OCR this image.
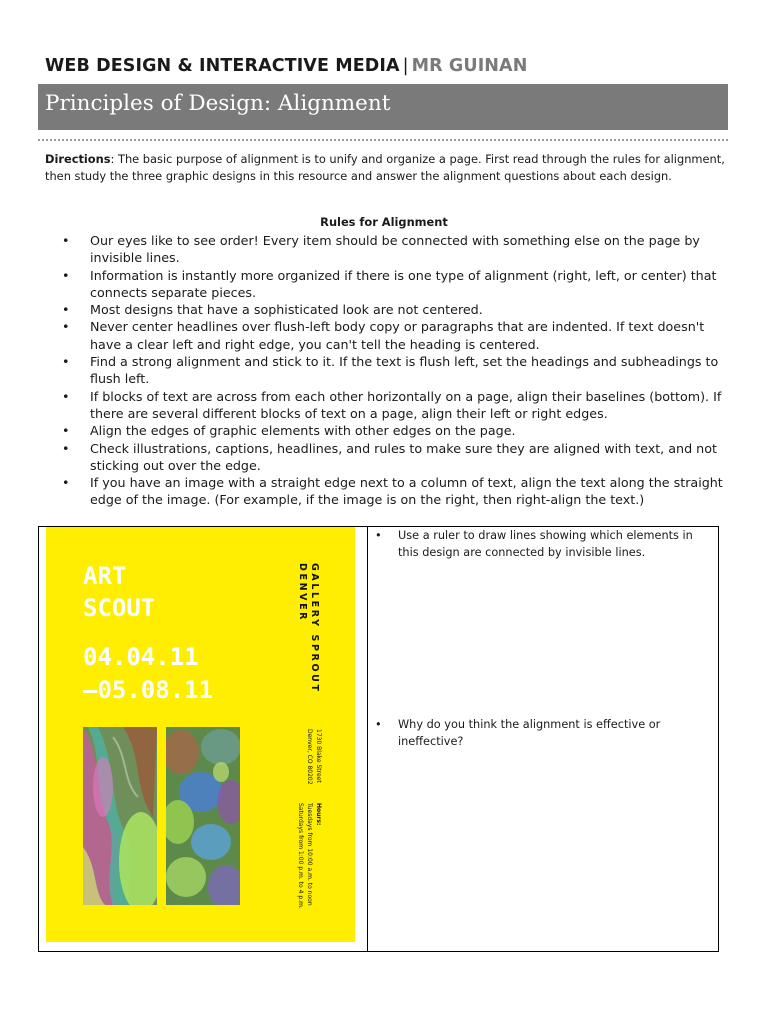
WEB DESIGN & INTERACTIVE MEDIA | MR GUINAN
Principles of Design: Alignment
Directions: The basic purpose of alignment is to unify and organize a page. First read through the rules for alignment, then study the three graphic designs in this resource and answer the alignment questions about each design.
Rules for Alignment
• Our eyes like to see order! Every item should be connected with something else on the page by invisible lines.
• Information is instantly more organized if there is one type of alignment (right, left, or center) that connects separate pieces.
• Most designs that have a sophisticated look are not centered.
• Never center headlines over flush-left body copy or paragraphs that are indented. If text doesn't have a clear left and right edge, you can't tell the heading is centered.
• Find a strong alignment and stick to it. If the text is flush left, set the headings and subheadings to flush left.
• If blocks of text are across from each other horizontally on a page, align their baselines (bottom). If there are several different blocks of text on a page, align their left or right edges.
• Align the edges of graphic elements with other edges on the page.
• Check illustrations, captions, headlines, and rules to make sure they are aligned with text, and not sticking out over the edge.
• If you have an image with a straight edge next to a column of text, align the text along the straight edge of the image. (For example, if the image is on the right, then right-align the text.)
ART
SCOUT
04.04.11
—05.08.11	GALLERY SPROUT
DENVER
1730 Blake Street
Denver, CO 80202
Hours:
Tuesdays from 10:00 a.m. to noon
Saturdays from 1:00 p.m. to 4 p.m.
•	Use a ruler to draw lines showing which elements in this design are connected by invisible lines.
•	Why do you think the alignment is effective or ineffective?
